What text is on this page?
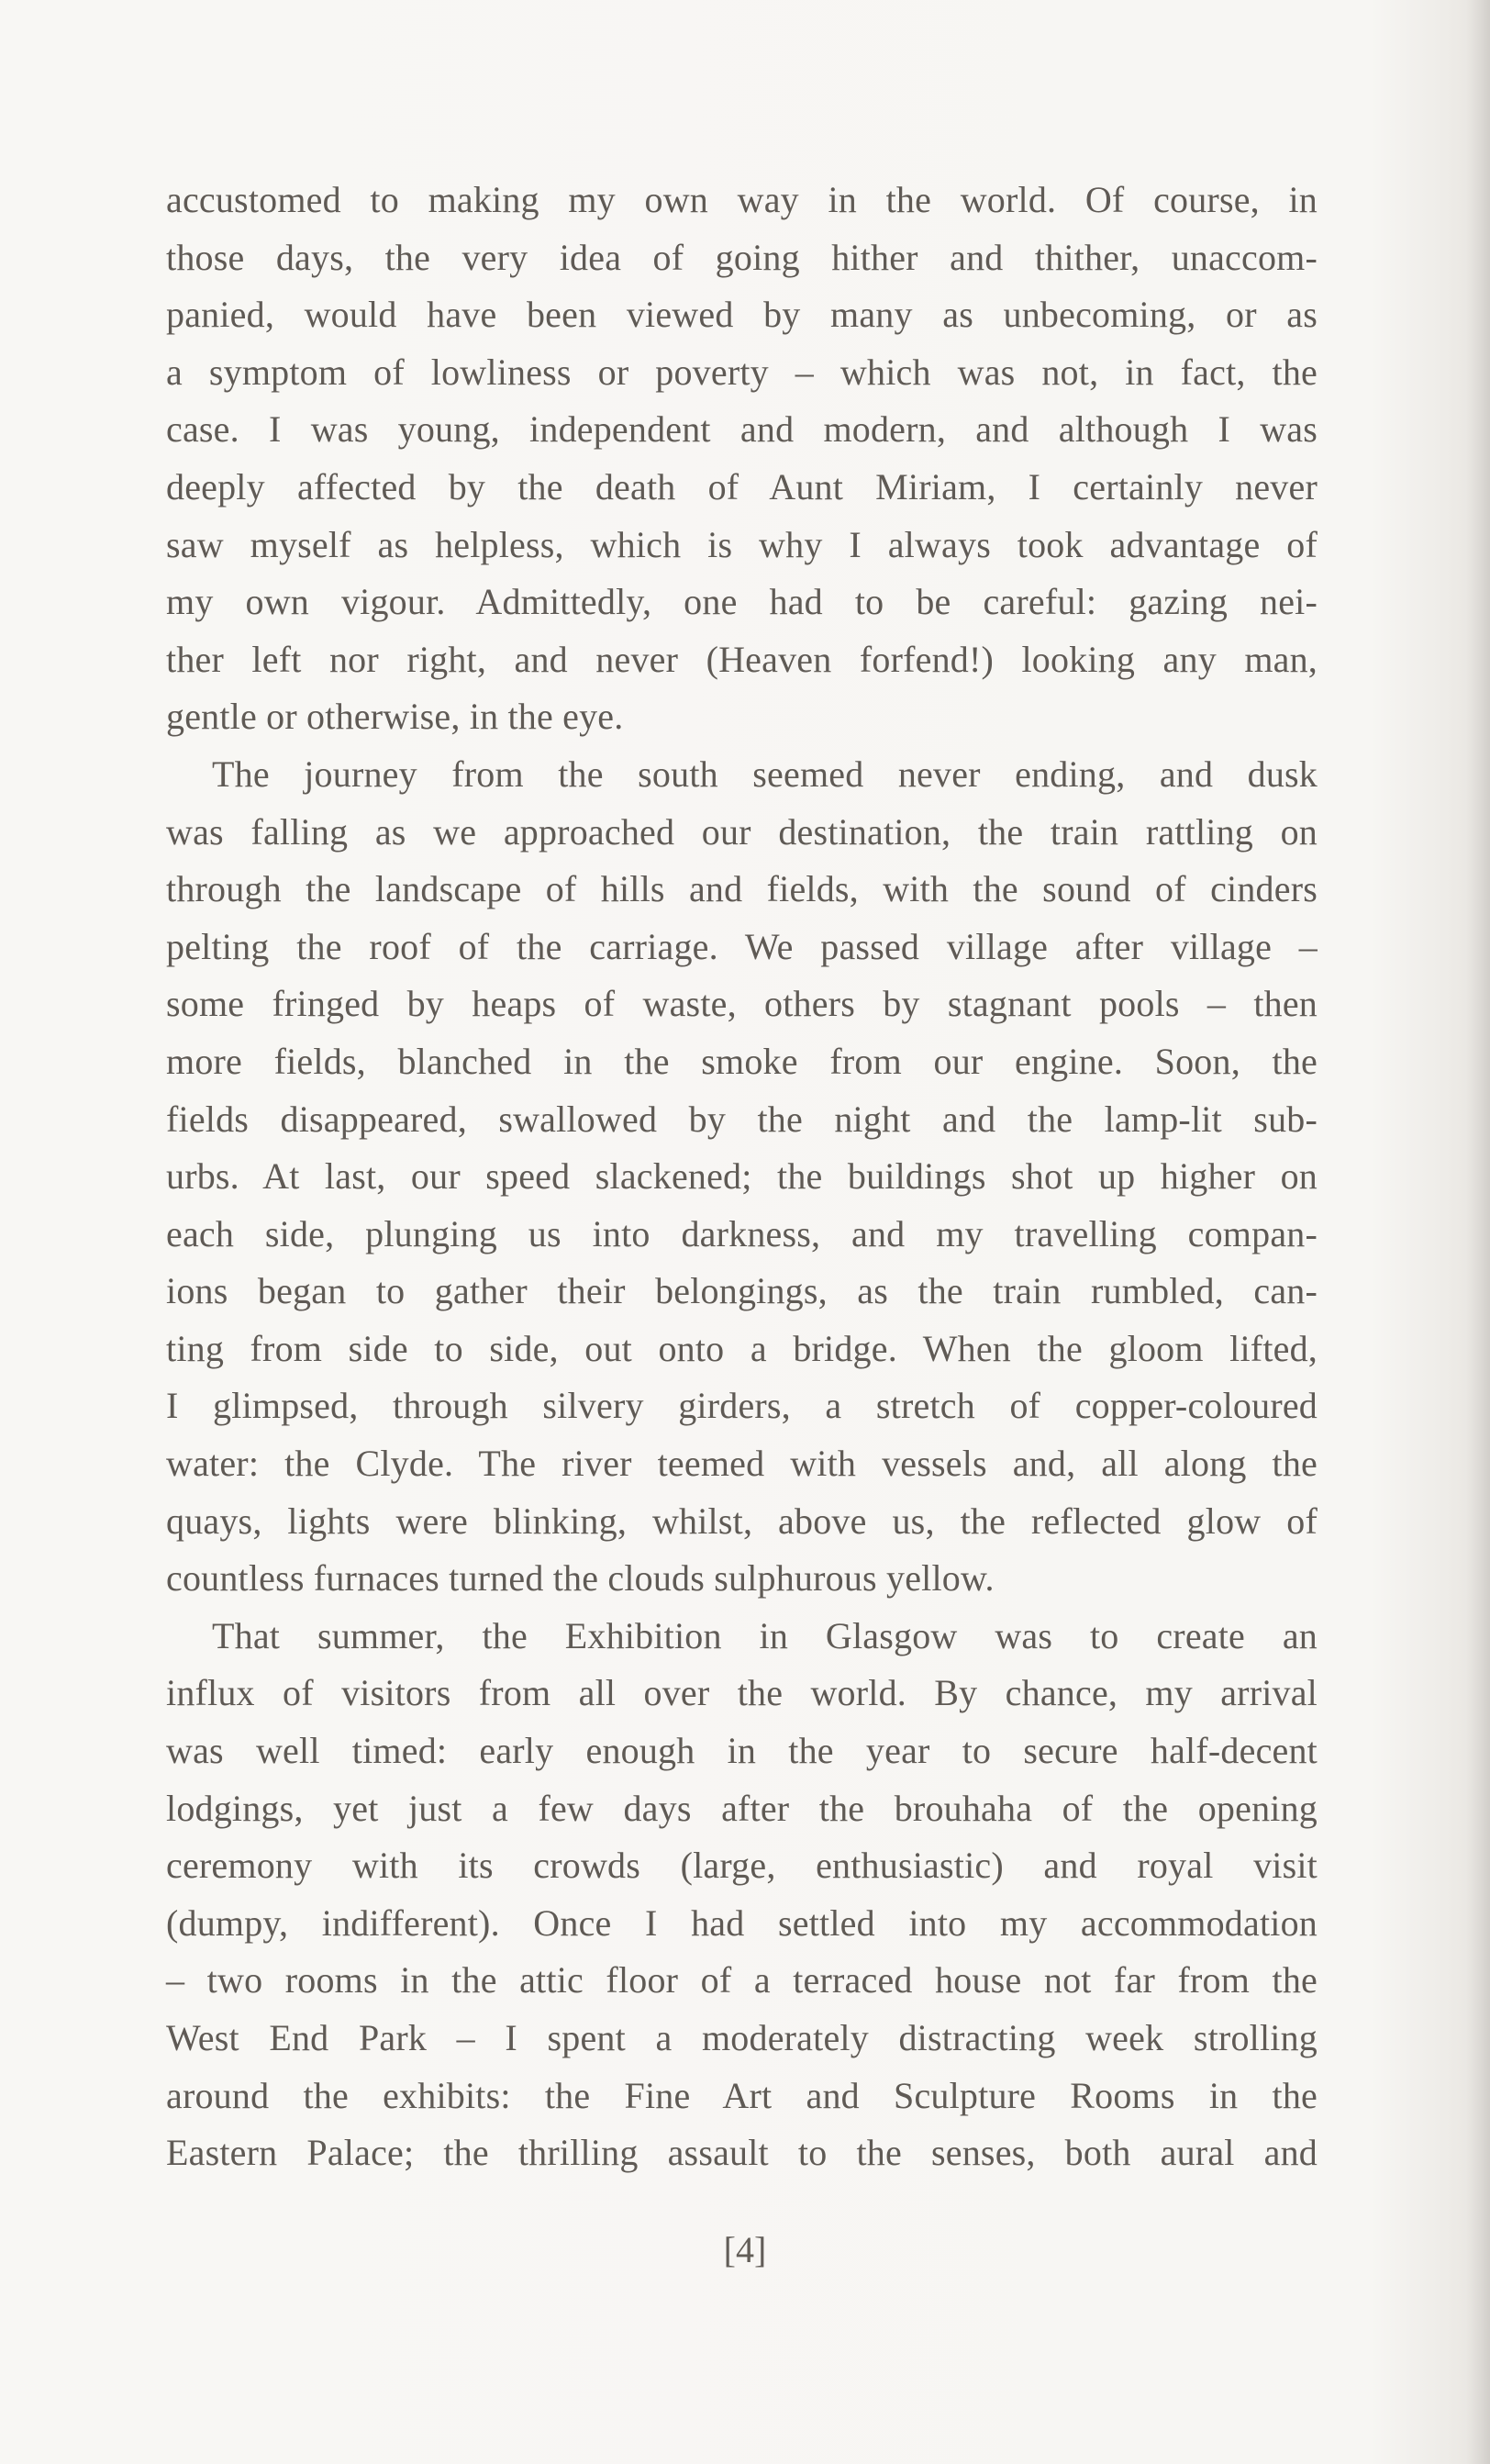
accustomed to making my own way in the world. Of course, in
those days, the very idea of going hither and thither, unaccom-
panied, would have been viewed by many as unbecoming, or as
a symptom of lowliness or poverty – which was not, in fact, the
case. I was young, independent and modern, and although I was
deeply affected by the death of Aunt Miriam, I certainly never
saw myself as helpless, which is why I always took advantage of
my own vigour. Admittedly, one had to be careful: gazing nei-
ther left nor right, and never (Heaven forfend!) looking any man,
gentle or otherwise, in the eye.

The journey from the south seemed never ending, and dusk
was falling as we approached our destination, the train rattling on
through the landscape of hills and fields, with the sound of cinders
pelting the roof of the carriage. We passed village after village –
some fringed by heaps of waste, others by stagnant pools – then
more fields, blanched in the smoke from our engine. Soon, the
fields disappeared, swallowed by the night and the lamp-lit sub-
urbs. At last, our speed slackened; the buildings shot up higher on
each side, plunging us into darkness, and my travelling compan-
ions began to gather their belongings, as the train rumbled, can-
ting from side to side, out onto a bridge. When the gloom lifted,
I glimpsed, through silvery girders, a stretch of copper-coloured
water: the Clyde. The river teemed with vessels and, all along the
quays, lights were blinking, whilst, above us, the reflected glow of
countless furnaces turned the clouds sulphurous yellow.

That summer, the Exhibition in Glasgow was to create an
influx of visitors from all over the world. By chance, my arrival
was well timed: early enough in the year to secure half-decent
lodgings, yet just a few days after the brouhaha of the opening
ceremony with its crowds (large, enthusiastic) and royal visit
(dumpy, indifferent). Once I had settled into my accommodation
– two rooms in the attic floor of a terraced house not far from the
West End Park – I spent a moderately distracting week strolling
around the exhibits: the Fine Art and Sculpture Rooms in the
Eastern Palace; the thrilling assault to the senses, both aural and

[4]
